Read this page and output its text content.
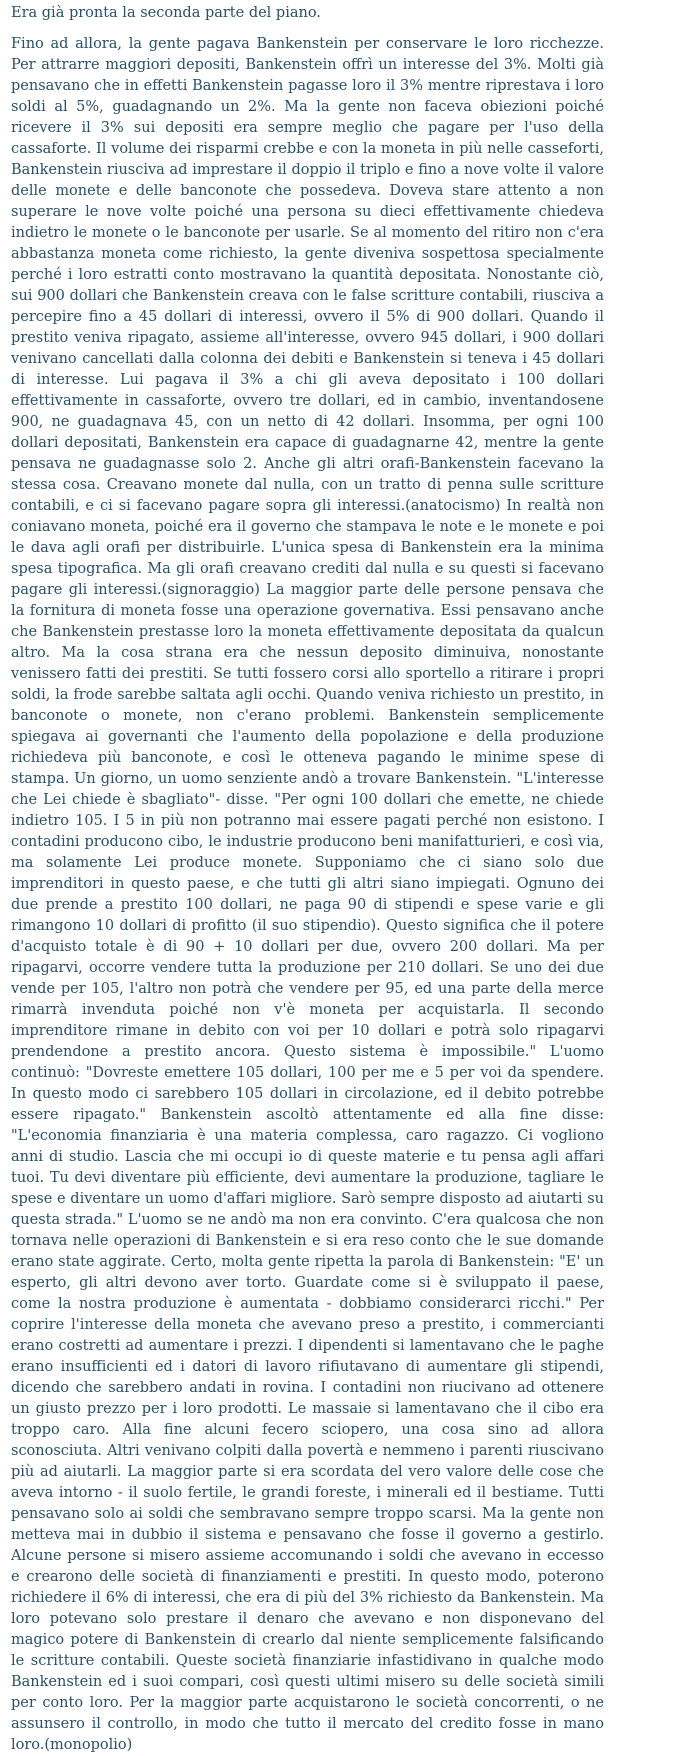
Era già pronta la seconda parte del piano.

Fino ad allora, la gente pagava Bankenstein per conservare le loro ricchezze. Per attrarre maggiori depositi, Bankenstein offrì un interesse del 3%. Molti già pensavano che in effetti Bankenstein pagasse loro il 3% mentre riprestava i loro soldi al 5%, guadagnando un 2%. Ma la gente non faceva obiezioni poiché ricevere il 3% sui depositi era sempre meglio che pagare per l'uso della cassaforte. Il volume dei risparmi crebbe e con la moneta in più nelle casseforti, Bankenstein riusciva ad imprestare il doppio il triplo e fino a nove volte il valore delle monete e delle banconote che possedeva. Doveva stare attento a non superare le nove volte poiché una persona su dieci effettivamente chiedeva indietro le monete o le banconote per usarle. Se al momento del ritiro non c'era abbastanza moneta come richiesto, la gente diveniva sospettosa specialmente perché i loro estratti conto mostravano la quantità depositata. Nonostante ciò, sui 900 dollari che Bankenstein creava con le false scritture contabili, riusciva a percepire fino a 45 dollari di interessi, ovvero il 5% di 900 dollari. Quando il prestito veniva ripagato, assieme all'interesse, ovvero 945 dollari, i 900 dollari venivano cancellati dalla colonna dei debiti e Bankenstein si teneva i 45 dollari di interesse. Lui pagava il 3% a chi gli aveva depositato i 100 dollari effettivamente in cassaforte, ovvero tre dollari, ed in cambio, inventandosene 900, ne guadagnava 45, con un netto di 42 dollari. Insomma, per ogni 100 dollari depositati, Bankenstein era capace di guadagnarne 42, mentre la gente pensava ne guadagnasse solo 2. Anche gli altri orafi-Bankenstein facevano la stessa cosa. Creavano monete dal nulla, con un tratto di penna sulle scritture contabili, e ci si facevano pagare sopra gli interessi.(anatocismo) In realtà non coniavano moneta, poiché era il governo che stampava le note e le monete e poi le dava agli orafi per distribuirle. L'unica spesa di Bankenstein era la minima spesa tipografica. Ma gli orafi creavano crediti dal nulla e su questi si facevano pagare gli interessi.(signoraggio) La maggior parte delle persone pensava che la fornitura di moneta fosse una operazione governativa. Essi pensavano anche che Bankenstein prestasse loro la moneta effettivamente depositata da qualcun altro. Ma la cosa strana era che nessun deposito diminuiva, nonostante venissero fatti dei prestiti. Se tutti fossero corsi allo sportello a ritirare i propri soldi, la frode sarebbe saltata agli occhi. Quando veniva richiesto un prestito, in banconote o monete, non c'erano problemi. Bankenstein semplicemente spiegava ai governanti che l'aumento della popolazione e della produzione richiedeva più banconote, e così le otteneva pagando le minime spese di stampa. Un giorno, un uomo senziente andò a trovare Bankenstein. "L'interesse che Lei chiede è sbagliato"- disse. "Per ogni 100 dollari che emette, ne chiede indietro 105. I 5 in più non potranno mai essere pagati perché non esistono. I contadini producono cibo, le industrie producono beni manifatturieri, e così via, ma solamente Lei produce monete. Supponiamo che ci siano solo due imprenditori in questo paese, e che tutti gli altri siano impiegati. Ognuno dei due prende a prestito 100 dollari, ne paga 90 di stipendi e spese varie e gli rimangono 10 dollari di profitto (il suo stipendio). Questo significa che il potere d'acquisto totale è di 90 + 10 dollari per due, ovvero 200 dollari. Ma per ripagarvi, occorre vendere tutta la produzione per 210 dollari. Se uno dei due vende per 105, l'altro non potrà che vendere per 95, ed una parte della merce rimarrà invenduta poiché non v'è moneta per acquistarla. Il secondo imprenditore rimane in debito con voi per 10 dollari e potrà solo ripagarvi prendendone a prestito ancora. Questo sistema è impossibile." L'uomo continuò: "Dovreste emettere 105 dollari, 100 per me e 5 per voi da spendere. In questo modo ci sarebbero 105 dollari in circolazione, ed il debito potrebbe essere ripagato." Bankenstein ascoltò attentamente ed alla fine disse: "L'economia finanziaria è una materia complessa, caro ragazzo. Ci vogliono anni di studio. Lascia che mi occupi io di queste materie e tu pensa agli affari tuoi. Tu devi diventare più efficiente, devi aumentare la produzione, tagliare le spese e diventare un uomo d'affari migliore. Sarò sempre disposto ad aiutarti su questa strada." L'uomo se ne andò ma non era convinto. C'era qualcosa che non tornava nelle operazioni di Bankenstein e si era reso conto che le sue domande erano state aggirate. Certo, molta gente ripetta la parola di Bankenstein: "E' un esperto, gli altri devono aver torto. Guardate come si è sviluppato il paese, come la nostra produzione è aumentata - dobbiamo considerarci ricchi." Per coprire l'interesse della moneta che avevano preso a prestito, i commercianti erano costretti ad aumentare i prezzi. I dipendenti si lamentavano che le paghe erano insufficienti ed i datori di lavoro rifiutavano di aumentare gli stipendi, dicendo che sarebbero andati in rovina. I contadini non riucivano ad ottenere un giusto prezzo per i loro prodotti. Le massaie si lamentavano che il cibo era troppo caro. Alla fine alcuni fecero sciopero, una cosa sino ad allora sconosciuta. Altri venivano colpiti dalla povertà e nemmeno i parenti riuscivano più ad aiutarli. La maggior parte si era scordata del vero valore delle cose che aveva intorno - il suolo fertile, le grandi foreste, i minerali ed il bestiame. Tutti pensavano solo ai soldi che sembravano sempre troppo scarsi. Ma la gente non metteva mai in dubbio il sistema e pensavano che fosse il governo a gestirlo. Alcune persone si misero assieme accomunando i soldi che avevano in eccesso e crearono delle società di finanziamenti e prestiti. In questo modo, poterono richiedere il 6% di interessi, che era di più del 3% richiesto da Bankenstein. Ma loro potevano solo prestare il denaro che avevano e non disponevano del magico potere di Bankenstein di crearlo dal niente semplicemente falsificando le scritture contabili. Queste società finanziarie infastidivano in qualche modo Bankenstein ed i suoi compari, così questi ultimi misero su delle società simili per conto loro. Per la maggior parte acquistarono le società concorrenti, o ne assunsero il controllo, in modo che tutto il mercato del credito fosse in mano loro.(monopolio)
